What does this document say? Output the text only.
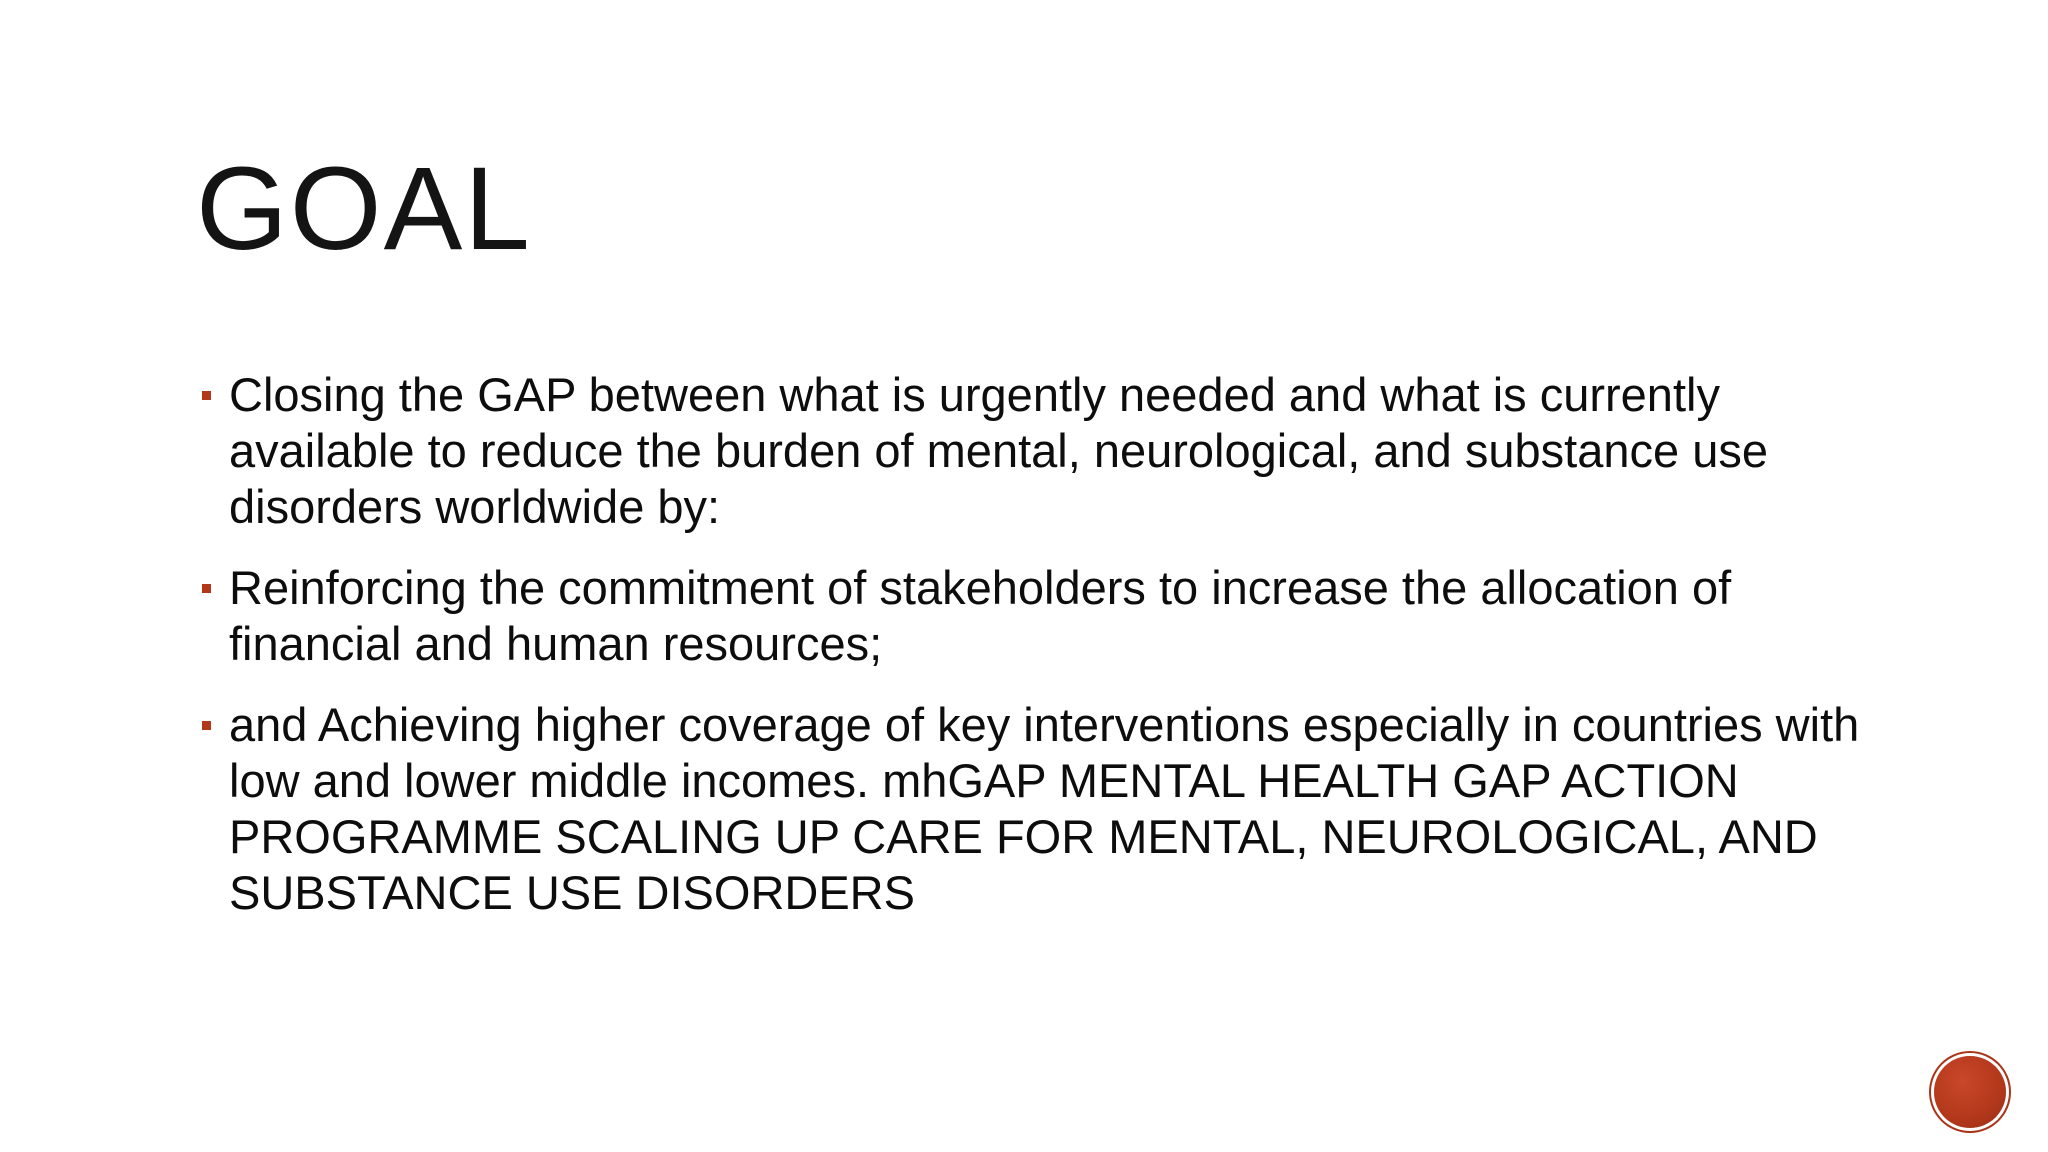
GOAL
Closing the GAP between what is urgently needed and what is currently available to reduce the burden of mental, neurological, and substance use disorders worldwide by:
Reinforcing the commitment of stakeholders to increase the allocation of financial and human resources;
and Achieving higher coverage of key interventions especially in countries with low and lower middle incomes. mhGAP MENTAL HEALTH GAP ACTION PROGRAMME SCALING UP CARE FOR MENTAL, NEUROLOGICAL, AND SUBSTANCE USE DISORDERS
